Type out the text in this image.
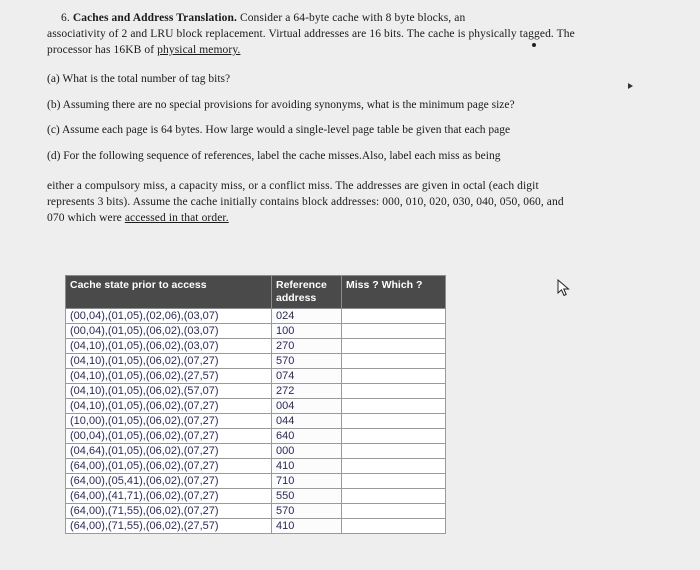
6. Caches and Address Translation. Consider a 64-byte cache with 8 byte blocks, an
associativity of 2 and LRU block replacement. Virtual addresses are 16 bits. The cache is physically tagged. The
processor has 16KB of physical memory.
(a) What is the total number of tag bits?
(b) Assuming there are no special provisions for avoiding synonyms, what is the minimum page size?
(c) Assume each page is 64 bytes. How large would a single-level page table be given that each page
(d) For the following sequence of references, label the cache misses.Also, label each miss as being
either a compulsory miss, a capacity miss, or a conflict miss. The addresses are given in octal (each digit
represents 3 bits). Assume the cache initially contains block addresses: 000, 010, 020, 030, 040, 050, 060, and
070 which were accessed in that order.
Cache state prior to access	Reference
address	Miss ? Which ?
(00,04),(01,05),(02,06),(03,07)	024	
(00,04),(01,05),(06,02),(03,07)	100	
(04,10),(01,05),(06,02),(03,07)	270	
(04,10),(01,05),(06,02),(07,27)	570	
(04,10),(01,05),(06,02),(27,57)	074	
(04,10),(01,05),(06,02),(57,07)	272	
(04,10),(01,05),(06,02),(07,27)	004	
(10,00),(01,05),(06,02),(07,27)	044	
(00,04),(01,05),(06,02),(07,27)	640	
(04,64),(01,05),(06,02),(07,27)	000	
(64,00),(01,05),(06,02),(07,27)	410	
(64,00),(05,41),(06,02),(07,27)	710	
(64,00),(41,71),(06,02),(07,27)	550	
(64,00),(71,55),(06,02),(07,27)	570	
(64,00),(71,55),(06,02),(27,57)	410	
